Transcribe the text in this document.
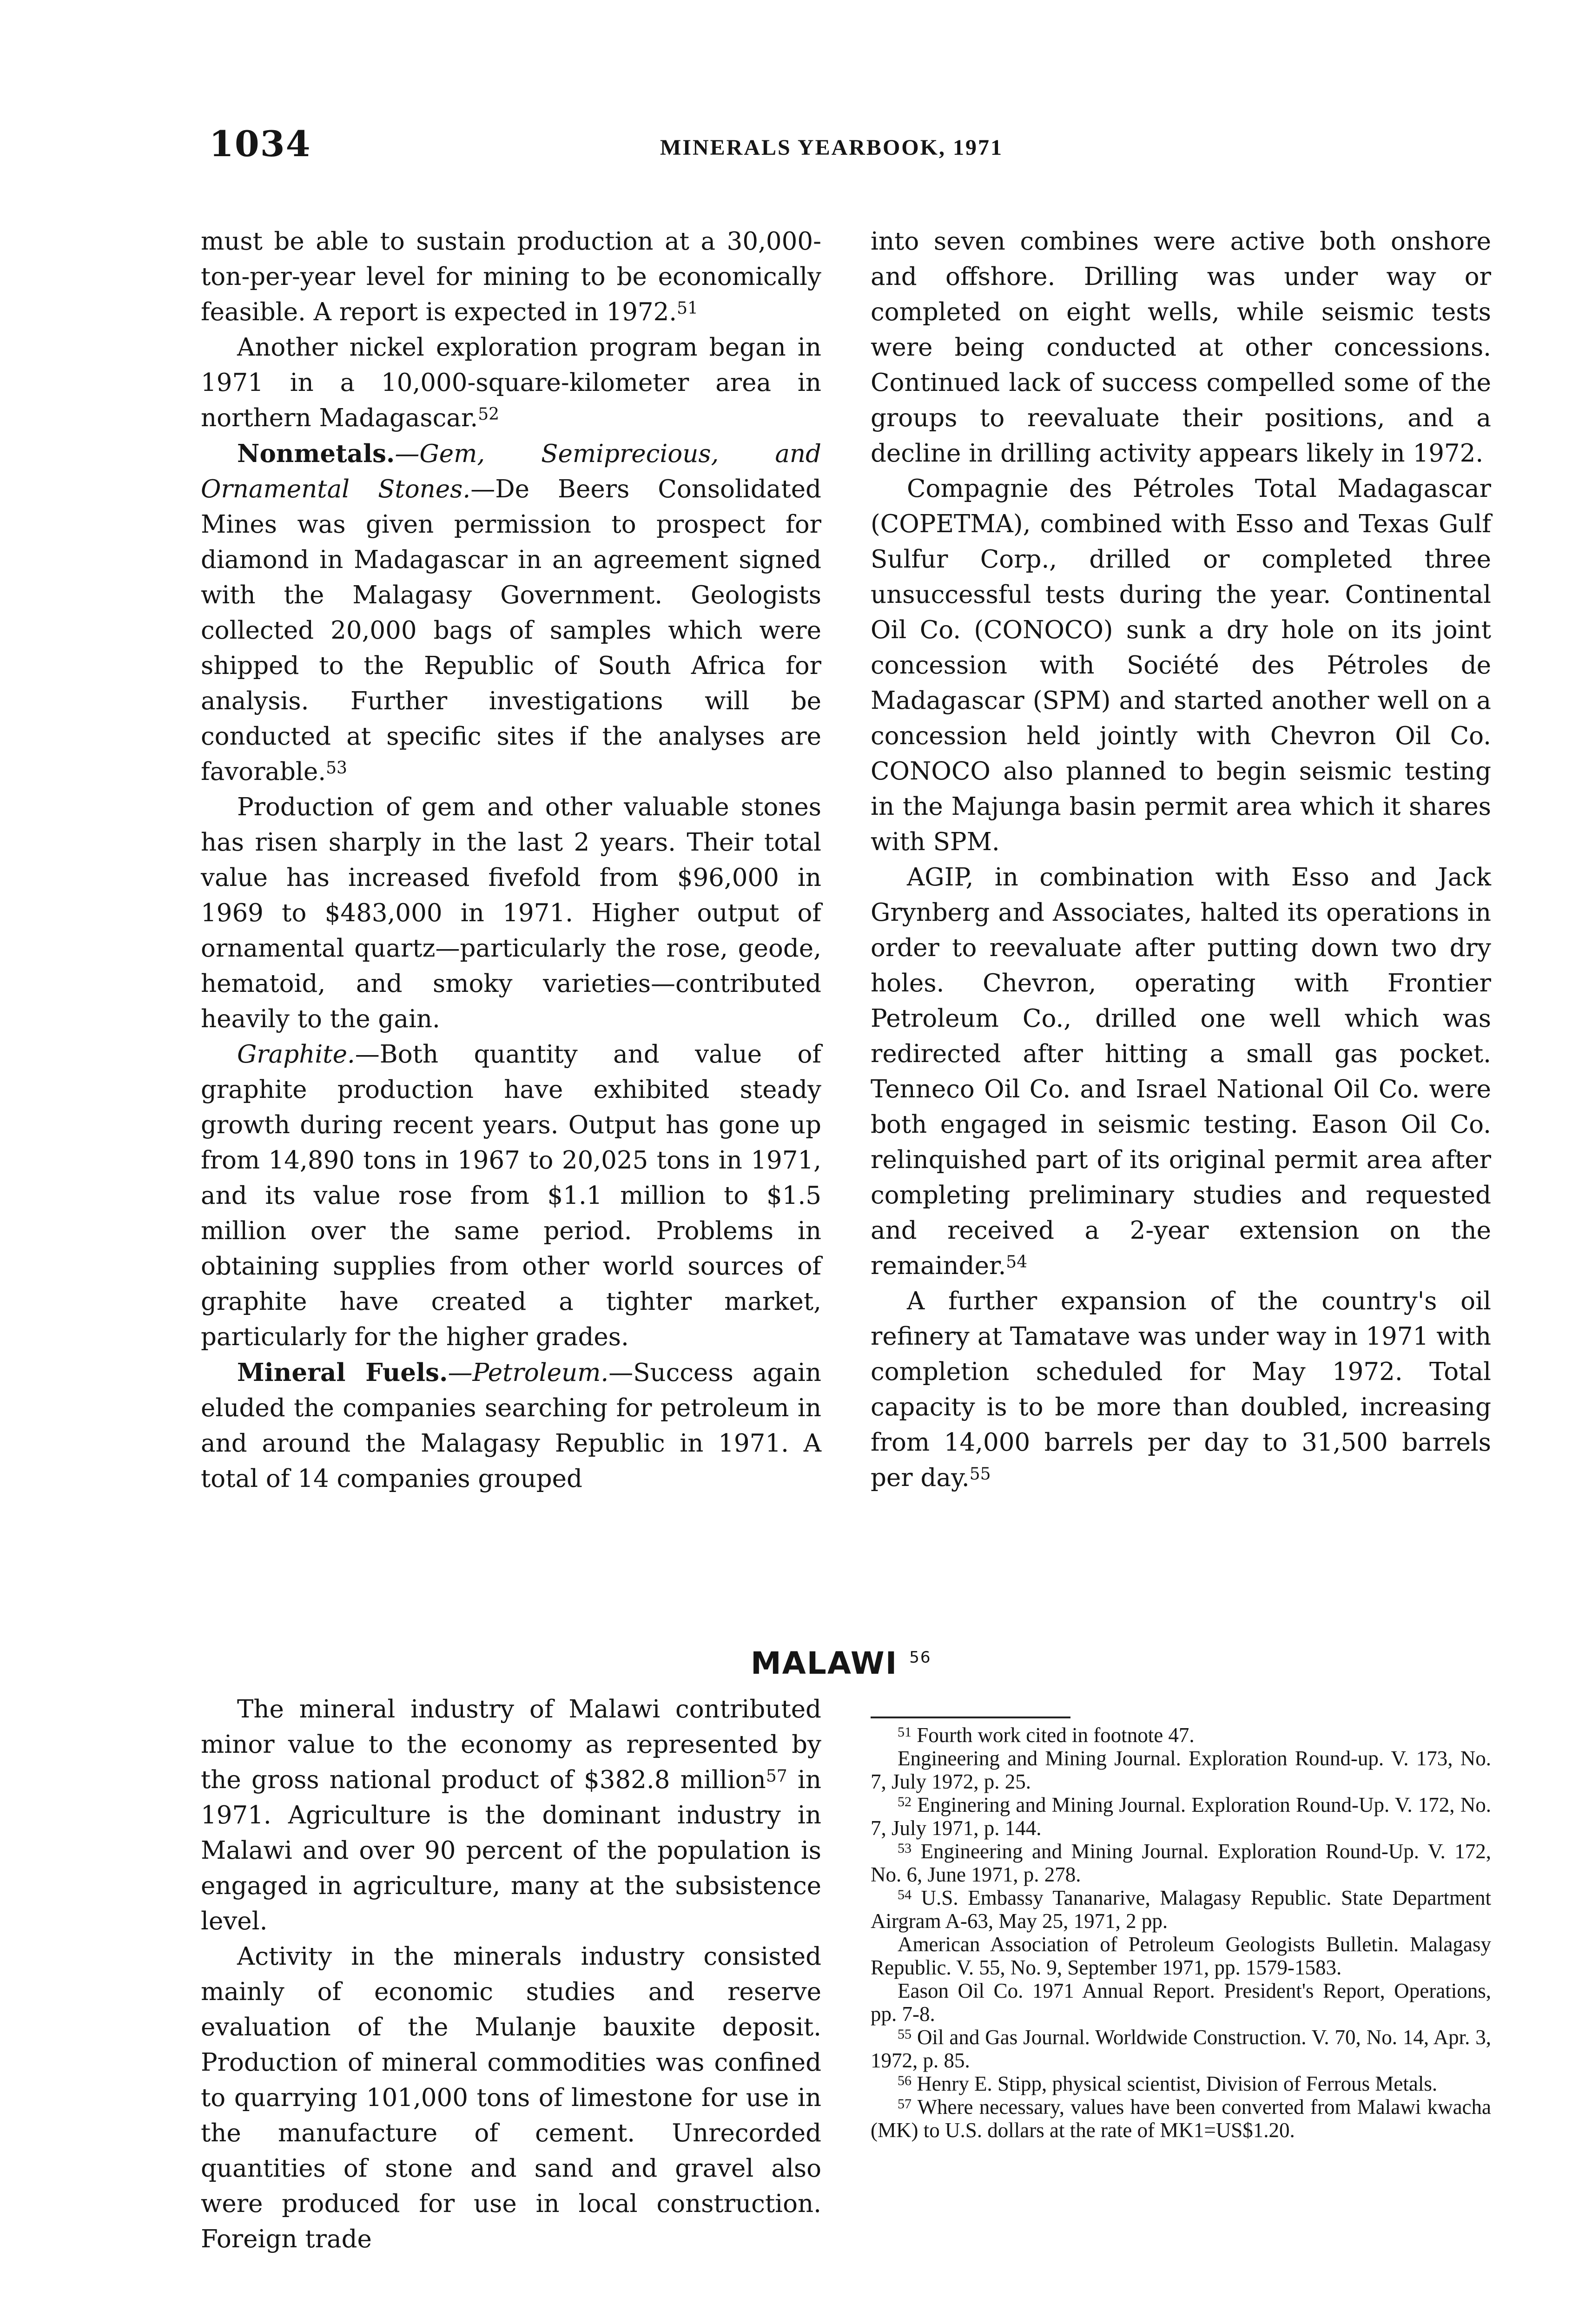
1034	MINERALS YEARBOOK, 1971

must be able to sustain production at a 30,000-ton-per-year level for mining to be economically feasible. A report is expected in 1972.51

Another nickel exploration program began in 1971 in a 10,000-square-kilometer area in northern Madagascar.$^{52}$

Nonmetals.—Gem, Semiprecious, and Ornamental Stones.—De Beers Consolidated Mines was given permission to prospect for diamond in Madagascar in an agreement signed with the Malagasy Government. Geologists collected 20,000 bags of samples which were shipped to the Republic of South Africa for analysis. Further investigations will be conducted at specific sites if the analyses are favorable.$^{53}$

Production of gem and other valuable stones has risen sharply in the last 2 years. Their total value has increased fivefold from $96,000 in 1969 to $483,000 in 1971. Higher output of ornamental quartz—particularly the rose, geode, hematoid, and smoky varieties—contributed heavily to the gain.

Graphite.—Both quantity and value of graphite production have exhibited steady growth during recent years. Output has gone up from 14,890 tons in 1967 to 20,025 tons in 1971, and its value rose from $1.1 million to $1.5 million over the same period. Problems in obtaining supplies from other world sources of graphite have created a tighter market, particularly for the higher grades.

Mineral Fuels.—Petroleum.—Success again eluded the companies searching for petroleum in and around the Malagasy Republic in 1971. A total of 14 companies grouped

into seven combines were active both onshore and offshore. Drilling was under way or completed on eight wells, while seismic tests were being conducted at other concessions. Continued lack of success compelled some of the groups to reevaluate their positions, and a decline in drilling activity appears likely in 1972.

Compagnie des Pétroles Total Madagascar (COPETMA), combined with Esso and Texas Gulf Sulfur Corp., drilled or completed three unsuccessful tests during the year. Continental Oil Co. (CONOCO) sunk a dry hole on its joint concession with Société des Pétroles de Madagascar (SPM) and started another well on a concession held jointly with Chevron Oil Co. CONOCO also planned to begin seismic testing in the Majunga basin permit area which it shares with SPM.

AGIP, in combination with Esso and Jack Grynberg and Associates, halted its operations in order to reevaluate after putting down two dry holes. Chevron, operating with Frontier Petroleum Co., drilled one well which was redirected after hitting a small gas pocket. Tenneco Oil Co. and Israel National Oil Co. were both engaged in seismic testing. Eason Oil Co. relinquished part of its original permit area after completing preliminary studies and requested and received a 2-year extension on the remainder.$^{54}$

A further expansion of the country's oil refinery at Tamatave was under way in 1971 with completion scheduled for May 1972. Total capacity is to be more than doubled, increasing from 14,000 barrels per day to 31,500 barrels per day.$^{55}$

MALAWI $^{56}$

The mineral industry of Malawi contributed minor value to the economy as represented by the gross national product of $382.8 million$^{57}$ in 1971. Agriculture is the dominant industry in Malawi and over 90 percent of the population is engaged in agriculture, many at the subsistence level.

Activity in the minerals industry consisted mainly of economic studies and reserve evaluation of the Mulanje bauxite deposit. Production of mineral commodities was confined to quarrying 101,000 tons of limestone for use in the manufacture of cement. Unrecorded quantities of stone and sand and gravel also were produced for use in local construction. Foreign trade

$^{51}$ Fourth work cited in footnote 47.

Engineering and Mining Journal. Exploration Round-up. V. 173, No. 7, July 1972, p. 25.

$^{52}$ Enginering and Mining Journal. Exploration Round-Up. V. 172, No. 7, July 1971, p. 144.

$^{53}$ Engineering and Mining Journal. Exploration Round-Up. V. 172, No. 6, June 1971, p. 278.

$^{54}$ U.S. Embassy Tananarive, Malagasy Republic. State Department Airgram A-63, May 25, 1971, 2 pp.

American Association of Petroleum Geologists Bulletin. Malagasy Republic. V. 55, No. 9, September 1971, pp. 1579-1583.

Eason Oil Co. 1971 Annual Report. President's Report, Operations, pp. 7-8.

$^{55}$ Oil and Gas Journal. Worldwide Construction. V. 70, No. 14, Apr. 3, 1972, p. 85.

$^{56}$ Henry E. Stipp, physical scientist, Division of Ferrous Metals.

$^{57}$ Where necessary, values have been converted from Malawi kwacha (MK) to U.S. dollars at the rate of MK1=US$1.20.
